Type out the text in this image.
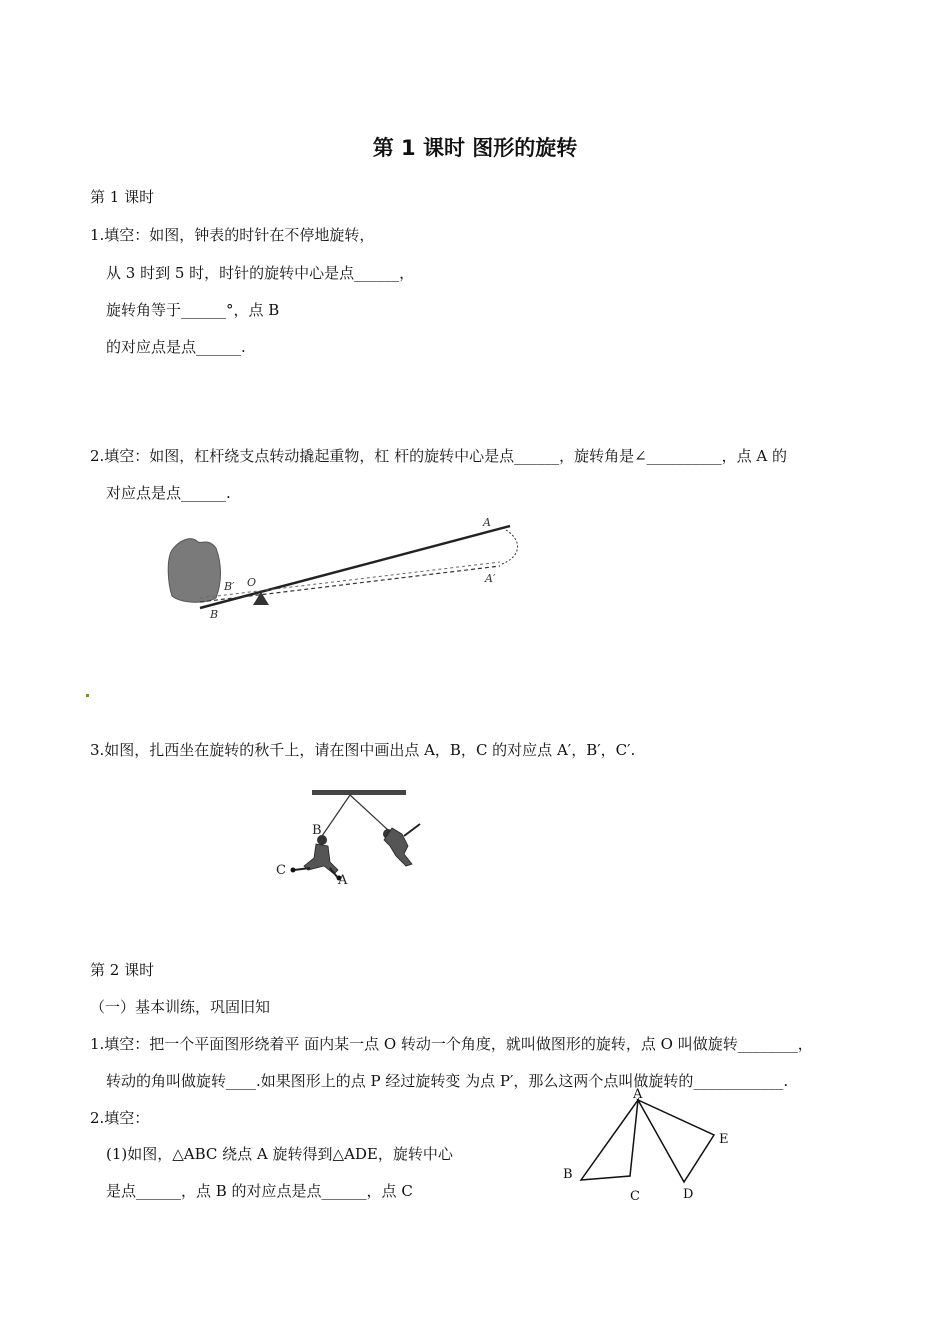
第 1 课时 图形的旋转
第 1 课时
1.填空：如图，钟表的时针在不停地旋转，
从 3 时到 5 时，时针的旋转中心是点______，
旋转角等于______°，点 B
的对应点是点______.
2.填空：如图，杠杆绕支点转动撬起重物，杠 杆的旋转中心是点______，旋转角是∠__________，点 A 的
对应点是点______.
A
A′
O
B′
B
3.如图，扎西坐在旋转的秋千上，请在图中画出点 A，B，C 的对应点 A′，B′，C′.
B
C
A
第 2 课时
（一）基本训练，巩固旧知
1.填空：把一个平面图形绕着平 面内某一点 O 转动一个角度，就叫做图形的旋转，点 O 叫做旋转________，
转动的角叫做旋转____.如果图形上的点 P 经过旋转变 为点 P′，那么这两个点叫做旋转的____________.
2.填空：
(1)如图，△ABC 绕点 A 旋转得到△ADE，旋转中心
是点______，点 B 的对应点是点______，点 C
A
B
C	D
E
